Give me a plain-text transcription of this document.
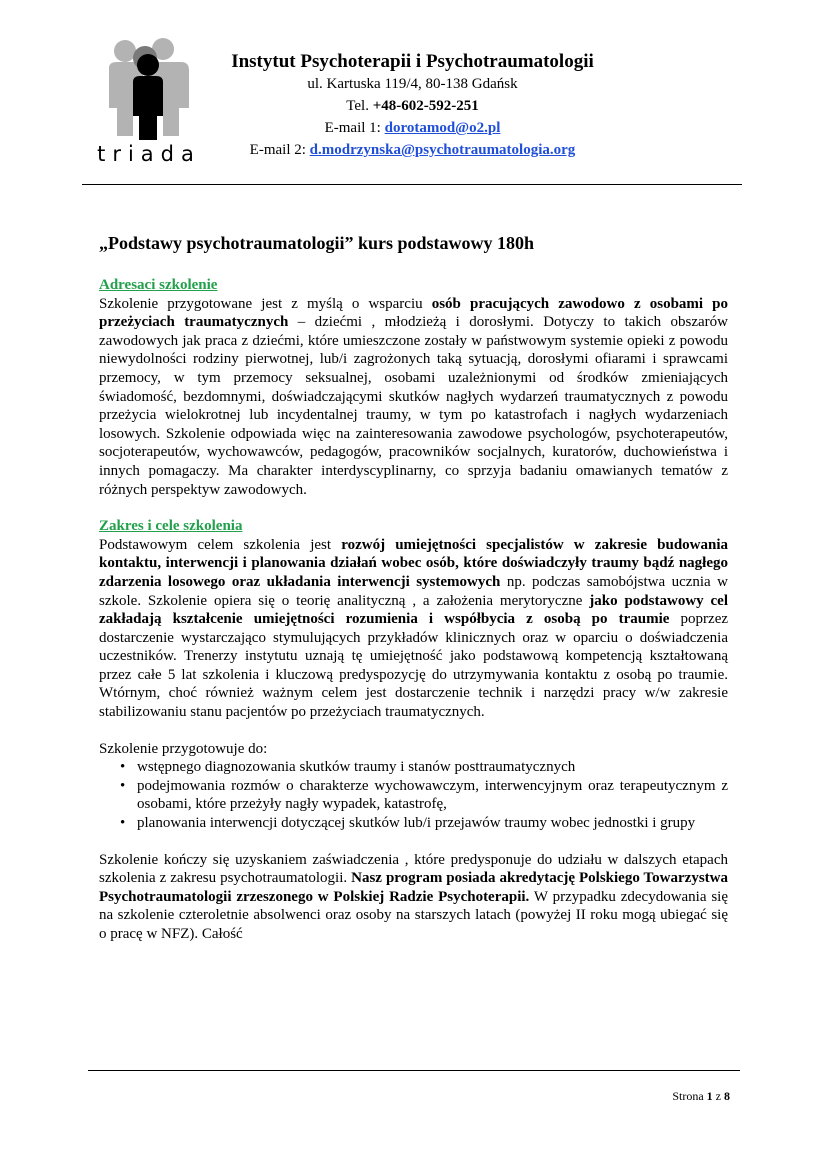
triada
Instytut Psychoterapii i Psychotraumatologii
ul. Kartuska 119/4, 80-138 Gdańsk
Tel. +48-602-592-251
E-mail 1: dorotamod@o2.pl
E-mail 2: d.modrzynska@psychotraumatologia.org
„Podstawy psychotraumatologii” kurs podstawowy 180h
Adresaci szkolenie

Szkolenie przygotowane jest z myślą o wsparciu osób pracujących zawodowo z osobami po przeżyciach traumatycznych – dziećmi , młodzieżą i dorosłymi. Dotyczy to takich obszarów zawodowych jak praca z dziećmi, które umieszczone zostały w państwowym systemie opieki z powodu niewydolności rodziny pierwotnej, lub/i zagrożonych taką sytuacją, dorosłymi ofiarami i sprawcami przemocy, w tym przemocy seksualnej, osobami uzależnionymi od środków zmieniających świadomość, bezdomnymi, doświadczającymi skutków nagłych wydarzeń traumatycznych z powodu przeżycia wielokrotnej lub incydentalnej traumy, w tym po katastrofach i nagłych wydarzeniach losowych. Szkolenie odpowiada więc na zainteresowania zawodowe psychologów, psychoterapeutów, socjoterapeutów, wychowawców, pedagogów, pracowników socjalnych, kuratorów, duchowieństwa i innych pomagaczy. Ma charakter interdyscyplinarny, co sprzyja badaniu omawianych tematów z różnych perspektyw zawodowych.

Zakres i cele szkolenia

Podstawowym celem szkolenia jest rozwój umiejętności specjalistów w zakresie budowania kontaktu, interwencji i planowania działań wobec osób, które doświadczyły traumy bądź nagłego zdarzenia losowego oraz układania interwencji systemowych np. podczas samobójstwa ucznia w szkole. Szkolenie opiera się o teorię analityczną , a założenia merytoryczne jako podstawowy cel zakładają kształcenie umiejętności rozumienia i współbycia z osobą po traumie poprzez dostarczenie wystarczająco stymulujących przykładów klinicznych oraz w oparciu o doświadczenia uczestników. Trenerzy instytutu uznają tę umiejętność jako podstawową kompetencją kształtowaną przez całe 5 lat szkolenia i kluczową predyspozycję do utrzymywania kontaktu z osobą po traumie. Wtórnym, choć również ważnym celem jest dostarczenie technik i narzędzi pracy w/w zakresie stabilizowaniu stanu pacjentów po przeżyciach traumatycznych.

Szkolenie przygotowuje do:

• wstępnego diagnozowania skutków traumy i stanów posttraumatycznych
• podejmowania rozmów o charakterze wychowawczym, interwencyjnym oraz terapeutycznym z osobami, które przeżyły nagły wypadek, katastrofę,
• planowania interwencji dotyczącej skutków lub/i przejawów traumy wobec jednostki i grupy

Szkolenie kończy się uzyskaniem zaświadczenia , które predysponuje do udziału w dalszych etapach szkolenia z zakresu psychotraumatologii. Nasz program posiada akredytację Polskiego Towarzystwa Psychotraumatologii zrzeszonego w Polskiej Radzie Psychoterapii. W przypadku zdecydowania się na szkolenie czteroletnie absolwenci oraz osoby na starszych latach (powyżej II roku mogą ubiegać się o pracę w NFZ). Całość

Strona 1 z 8
